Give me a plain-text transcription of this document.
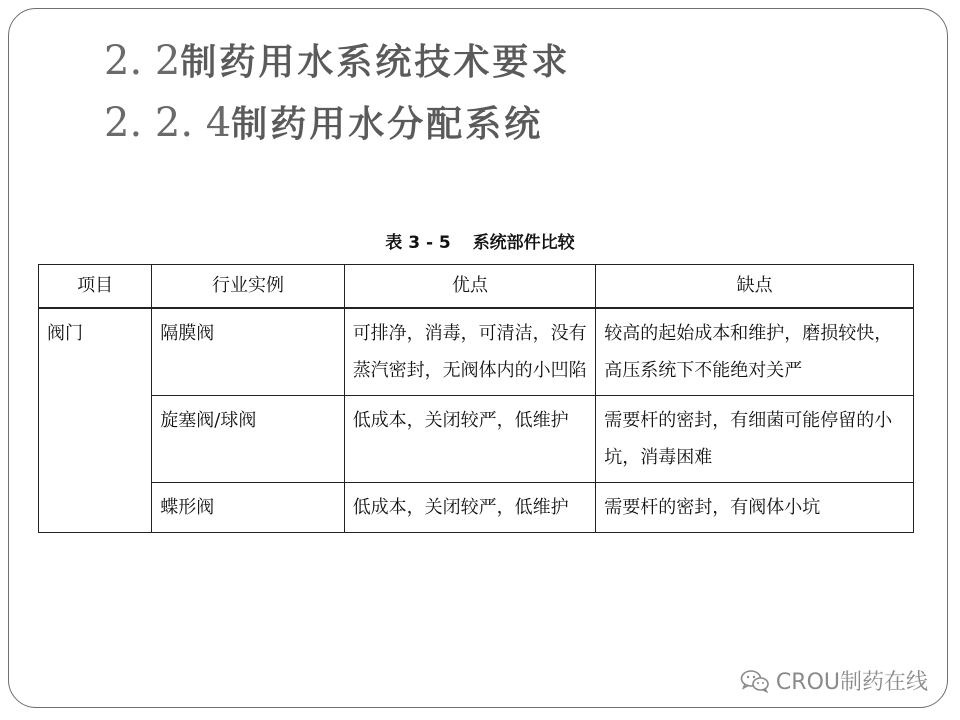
2. 2制药用水系统技术要求
2. 2. 4制药用水分配系统
表 3 - 5 系统部件比较
项目	行业实例	优点	缺点
阀门	隔膜阀	可排净，消毒，可清洁，没有蒸汽密封，无阀体内的小凹陷	较高的起始成本和维护，磨损较快，高压系统下不能绝对关严
	旋塞阀/球阀	低成本，关闭较严，低维护	需要杆的密封，有细菌可能停留的小坑，消毒困难
	蝶形阀	低成本，关闭较严，低维护	需要杆的密封，有阀体小坑
CROU制药在线
